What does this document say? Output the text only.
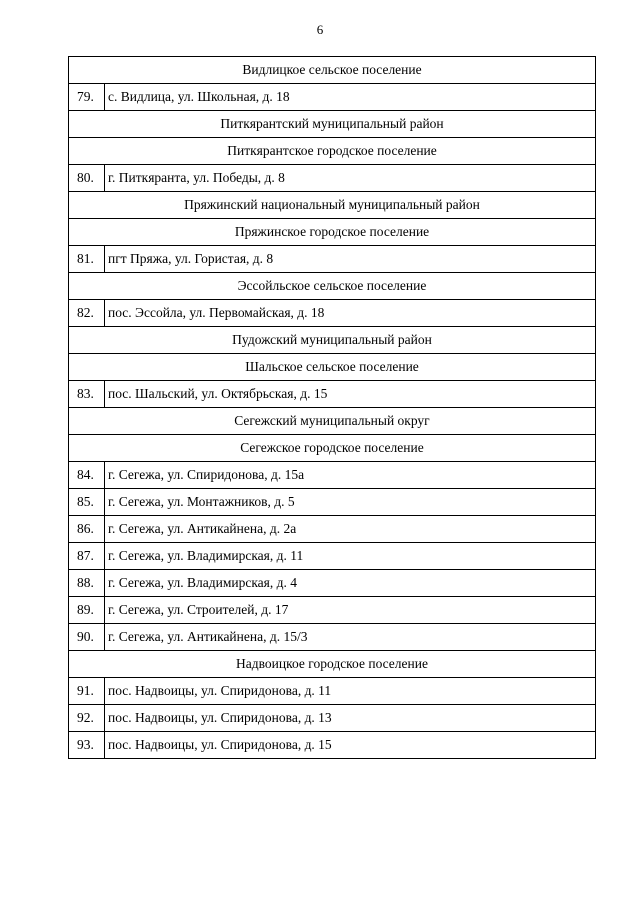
6
Видлицкое сельское поселение	
79.	с. Видлица, ул. Школьная, д. 18
Питкярантский муниципальный район	
Питкярантское городское поселение	
80.	г. Питкяранта, ул. Победы, д. 8
Пряжинский национальный муниципальный район	
Пряжинское городское поселение	
81.	пгт Пряжа, ул. Гористая, д. 8
Эссойльское сельское поселение	
82.	пос. Эссойла, ул. Первомайская, д. 18
Пудожский муниципальный район	
Шальское сельское поселение	
83.	пос. Шальский, ул. Октябрьская, д. 15
Сегежский муниципальный округ	
Сегежское городское поселение	
84.	г. Сегежа, ул. Спиридонова, д. 15а
85.	г. Сегежа, ул. Монтажников, д. 5
86.	г. Сегежа, ул. Антикайнена, д. 2а
87.	г. Сегежа, ул. Владимирская, д. 11
88.	г. Сегежа, ул. Владимирская, д. 4
89.	г. Сегежа, ул. Строителей, д. 17
90.	г. Сегежа, ул. Антикайнена, д. 15/3
Надвоицкое городское поселение	
91.	пос. Надвоицы, ул. Спиридонова, д. 11
92.	пос. Надвоицы, ул. Спиридонова, д. 13
93.	пос. Надвоицы, ул. Спиридонова, д. 15
